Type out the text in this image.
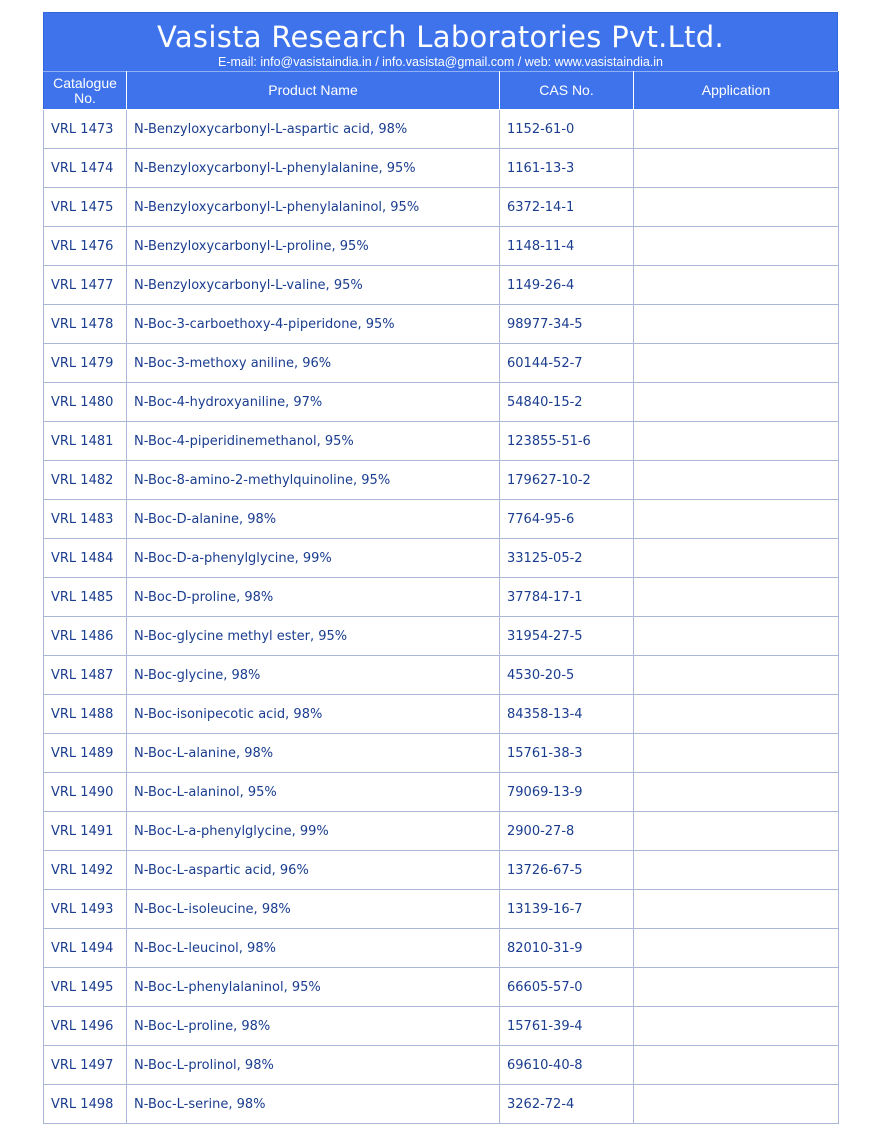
Vasista Research Laboratories Pvt.Ltd.
E-mail: info@vasistaindia.in / info.vasista@gmail.com / web: www.vasistaindia.in
Catalogue
No.	Product Name	CAS No.	Application
VRL 1473	N-Benzyloxycarbonyl-L-aspartic acid, 98%	1152-61-0	
VRL 1474	N-Benzyloxycarbonyl-L-phenylalanine, 95%	1161-13-3	
VRL 1475	N-Benzyloxycarbonyl-L-phenylalaninol, 95%	6372-14-1	
VRL 1476	N-Benzyloxycarbonyl-L-proline, 95%	1148-11-4	
VRL 1477	N-Benzyloxycarbonyl-L-valine, 95%	1149-26-4	
VRL 1478	N-Boc-3-carboethoxy-4-piperidone, 95%	98977-34-5	
VRL 1479	N-Boc-3-methoxy aniline, 96%	60144-52-7	
VRL 1480	N-Boc-4-hydroxyaniline, 97%	54840-15-2	
VRL 1481	N-Boc-4-piperidinemethanol, 95%	123855-51-6	
VRL 1482	N-Boc-8-amino-2-methylquinoline, 95%	179627-10-2	
VRL 1483	N-Boc-D-alanine, 98%	7764-95-6	
VRL 1484	N-Boc-D-a-phenylglycine, 99%	33125-05-2	
VRL 1485	N-Boc-D-proline, 98%	37784-17-1	
VRL 1486	N-Boc-glycine methyl ester, 95%	31954-27-5	
VRL 1487	N-Boc-glycine, 98%	4530-20-5	
VRL 1488	N-Boc-isonipecotic acid, 98%	84358-13-4	
VRL 1489	N-Boc-L-alanine, 98%	15761-38-3	
VRL 1490	N-Boc-L-alaninol, 95%	79069-13-9	
VRL 1491	N-Boc-L-a-phenylglycine, 99%	2900-27-8	
VRL 1492	N-Boc-L-aspartic acid, 96%	13726-67-5	
VRL 1493	N-Boc-L-isoleucine, 98%	13139-16-7	
VRL 1494	N-Boc-L-leucinol, 98%	82010-31-9	
VRL 1495	N-Boc-L-phenylalaninol, 95%	66605-57-0	
VRL 1496	N-Boc-L-proline, 98%	15761-39-4	
VRL 1497	N-Boc-L-prolinol, 98%	69610-40-8	
VRL 1498	N-Boc-L-serine, 98%	3262-72-4	
